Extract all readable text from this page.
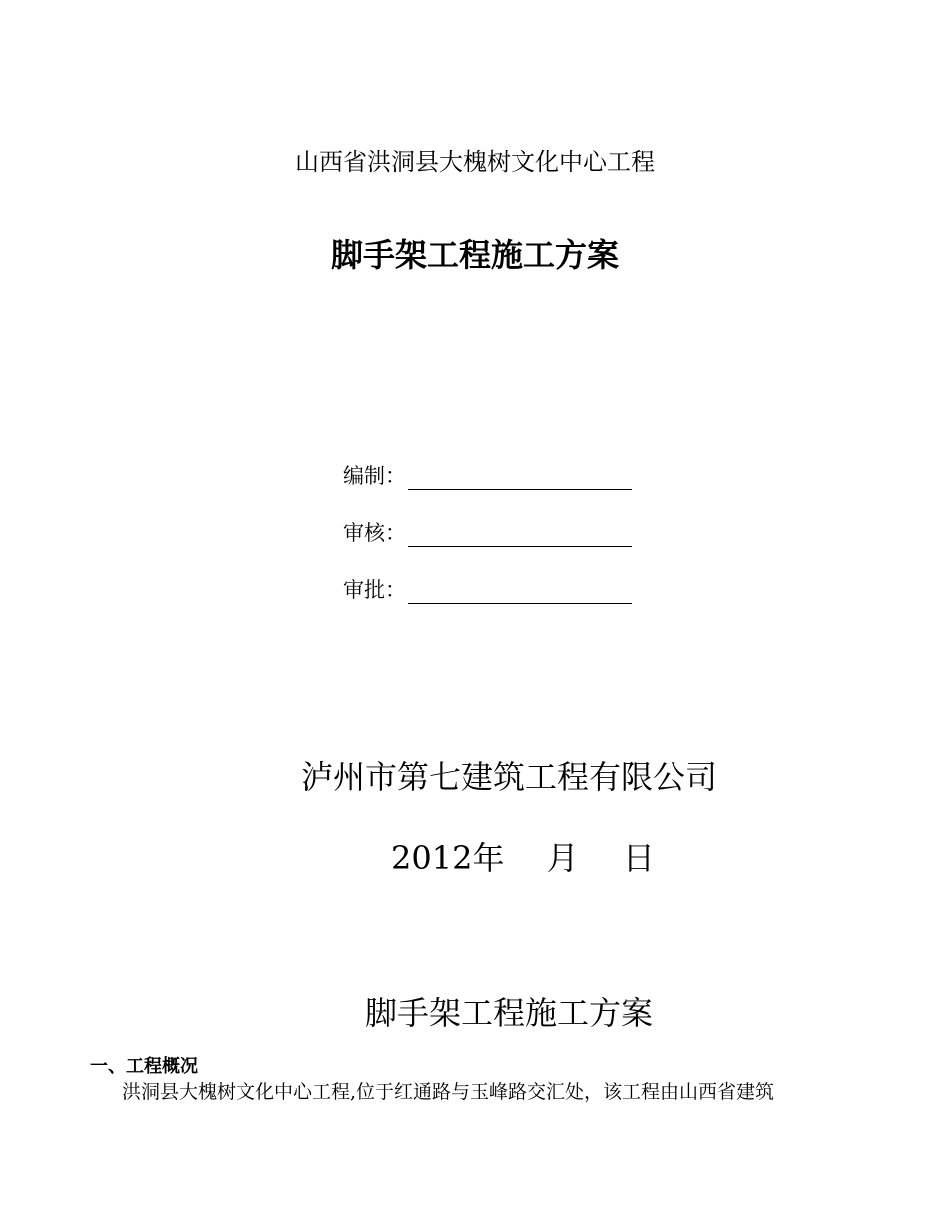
山西省洪洞县大槐树文化中心工程
脚手架工程施工方案
编制：
审核：
审批：
泸州市第七建筑工程有限公司
2012年 月 日
脚手架工程施工方案
一、工程概况
洪洞县大槐树文化中心工程,位于红通路与玉峰路交汇处，该工程由山西省建筑
